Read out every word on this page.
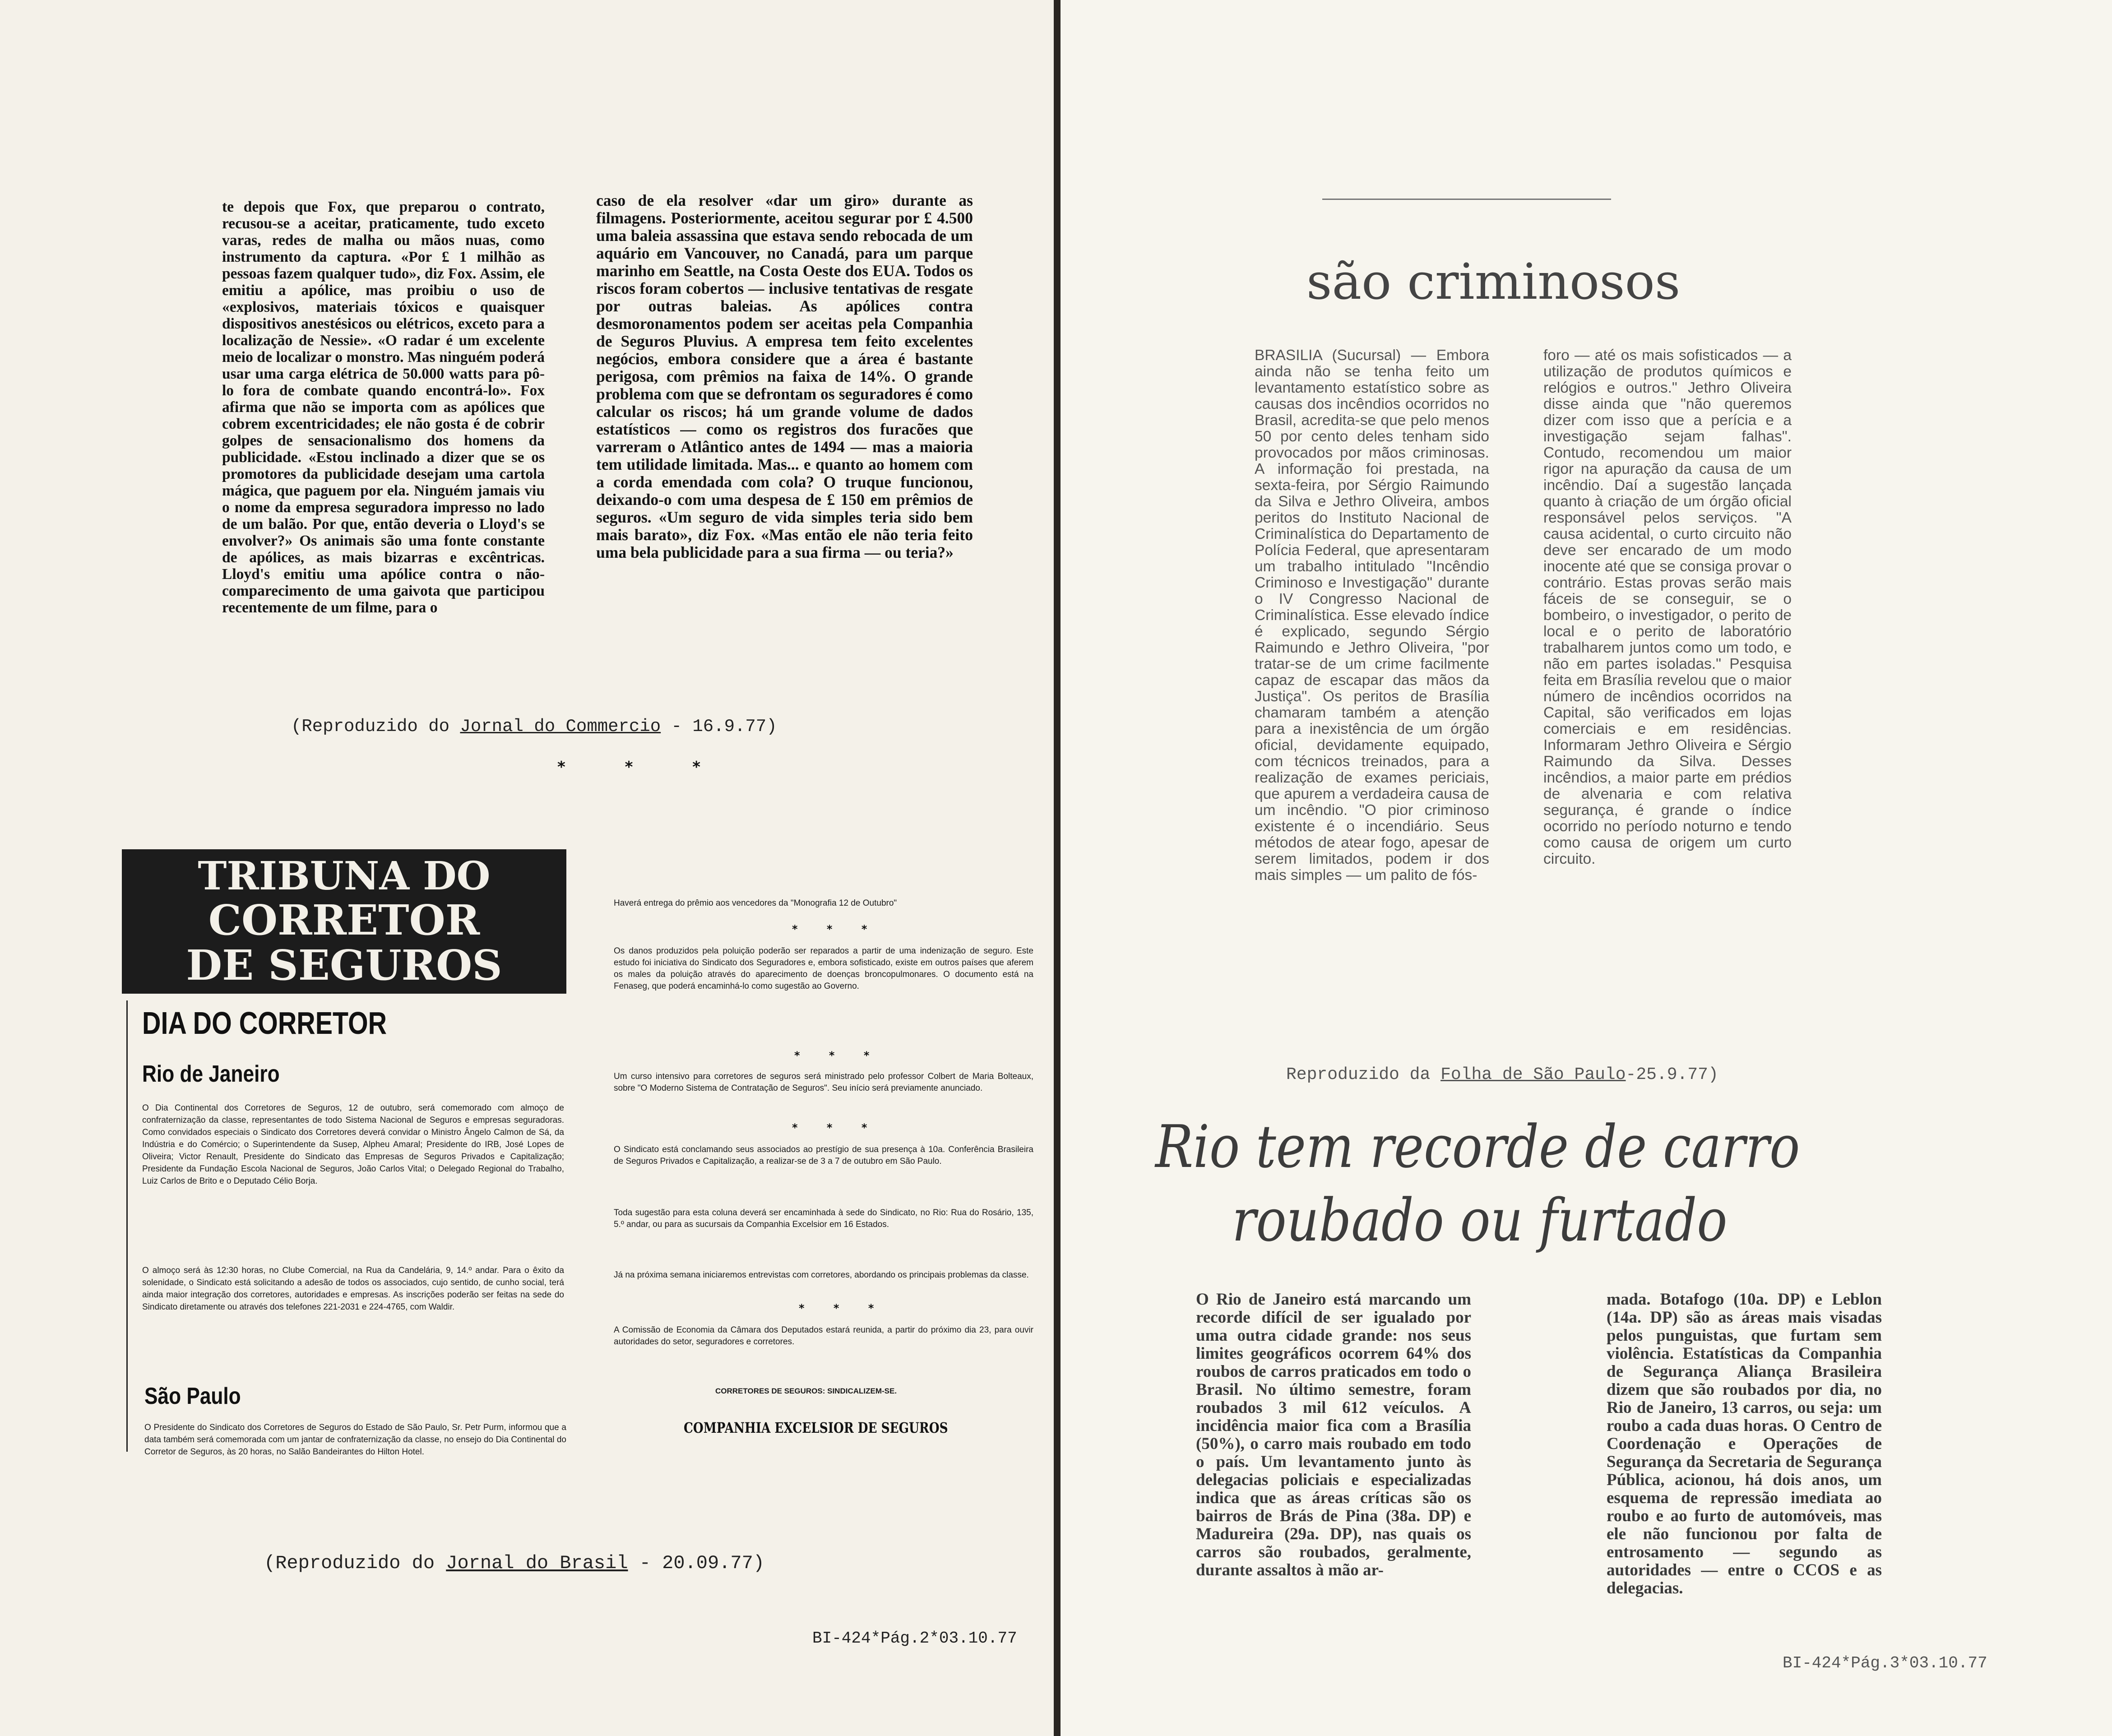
te depois que Fox, que preparou o contrato, recusou-se a aceitar, praticamente, tudo exceto varas, redes de malha ou mãos nuas, como instrumento da captura. «Por £ 1 milhão as pessoas fazem qualquer tudo», diz Fox. Assim, ele emitiu a apólice, mas proibiu o uso de «explosivos, materiais tóxicos e quaisquer dispositivos anestésicos ou elétricos, exceto para a localização de Nessie». «O radar é um excelente meio de localizar o monstro. Mas ninguém poderá usar uma carga elétrica de 50.000 watts para pô-lo fora de combate quando encontrá-lo». Fox afirma que não se importa com as apólices que cobrem excentricidades; ele não gosta é de cobrir golpes de sensacionalismo dos homens da publicidade. «Estou inclinado a dizer que se os promotores da publicidade desejam uma cartola mágica, que paguem por ela. Ninguém jamais viu o nome da empresa seguradora impresso no lado de um balão. Por que, então deveria o Lloyd's se envolver?» Os animais são uma fonte constante de apólices, as mais bizarras e excêntricas. Lloyd's emitiu uma apólice contra o não-comparecimento de uma gaivota que participou recentemente de um filme, para o
caso de ela resolver «dar um giro» durante as filmagens. Posteriormente, aceitou segurar por £ 4.500 uma baleia assassina que estava sendo rebocada de um aquário em Vancouver, no Canadá, para um parque marinho em Seattle, na Costa Oeste dos EUA. Todos os riscos foram cobertos — inclusive tentativas de resgate por outras baleias. As apólices contra desmoronamentos podem ser aceitas pela Companhia de Seguros Pluvius. A empresa tem feito excelentes negócios, embora considere que a área é bastante perigosa, com prêmios na faixa de 14%. O grande problema com que se defrontam os seguradores é como calcular os riscos; há um grande volume de dados estatísticos — como os registros dos furacões que varreram o Atlântico antes de 1494 — mas a maioria tem utilidade limitada. Mas... e quanto ao homem com a corda emendada com cola? O truque funcionou, deixando-o com uma despesa de £ 150 em prêmios de seguros. «Um seguro de vida simples teria sido bem mais barato», diz Fox. «Mas então ele não teria feito uma bela publicidade para a sua firma — ou teria?»
(Reproduzido do Jornal do Commercio - 16.9.77)
* * *
TRIBUNA DO
CORRETOR
DE SEGUROS
DIA DO CORRETOR
Rio de Janeiro
O Dia Continental dos Corretores de Seguros, 12 de outubro, será comemorado com almoço de confraternização da classe, representantes de todo Sistema Nacional de Seguros e empresas seguradoras. Como convidados especiais o Sindicato dos Corretores deverá convidar o Ministro Ângelo Calmon de Sá, da Indústria e do Comércio; o Superintendente da Susep, Alpheu Amaral; Presidente do IRB, José Lopes de Oliveira; Victor Renault, Presidente do Sindicato das Empresas de Seguros Privados e Capitalização; Presidente da Fundação Escola Nacional de Seguros, João Carlos Vital; o Delegado Regional do Trabalho, Luiz Carlos de Brito e o Deputado Célio Borja.
O almoço será às 12:30 horas, no Clube Comercial, na Rua da Candelária, 9, 14.º andar. Para o êxito da solenidade, o Sindicato está solicitando a adesão de todos os associados, cujo sentido, de cunho social, terá ainda maior integração dos corretores, autoridades e empresas. As inscrições poderão ser feitas na sede do Sindicato diretamente ou através dos telefones 221-2031 e 224-4765, com Waldir.
São Paulo
O Presidente do Sindicato dos Corretores de Seguros do Estado de São Paulo, Sr. Petr Purm, informou que a data também será comemorada com um jantar de confraternização da classe, no ensejo do Dia Continental do Corretor de Seguros, às 20 horas, no Salão Bandeirantes do Hilton Hotel.
Haverá entrega do prêmio aos vencedores da "Monografia 12 de Outubro"
* * *
Os danos produzidos pela poluição poderão ser reparados a partir de uma indenização de seguro. Este estudo foi iniciativa do Sindicato dos Seguradores e, embora sofisticado, existe em outros países que aferem os males da poluição através do aparecimento de doenças broncopulmonares. O documento está na Fenaseg, que poderá encaminhá-lo como sugestão ao Governo.
* * *
Um curso intensivo para corretores de seguros será ministrado pelo professor Colbert de Maria Bolteaux, sobre "O Moderno Sistema de Contratação de Seguros". Seu início será previamente anunciado.
* * *
O Sindicato está conclamando seus associados ao prestígio de sua presença à 10a. Conferência Brasileira de Seguros Privados e Capitalização, a realizar-se de 3 a 7 de outubro em São Paulo.
Toda sugestão para esta coluna deverá ser encaminhada à sede do Sindicato, no Rio: Rua do Rosário, 135, 5.º andar, ou para as sucursais da Companhia Excelsior em 16 Estados.
Já na próxima semana iniciaremos entrevistas com corretores, abordando os principais problemas da classe.
* * *
A Comissão de Economia da Câmara dos Deputados estará reunida, a partir do próximo dia 23, para ouvir autoridades do setor, seguradores e corretores.
CORRETORES DE SEGUROS: SINDICALIZEM-SE.
COMPANHIA EXCELSIOR DE SEGUROS
(Reproduzido do Jornal do Brasil - 20.09.77)
BI-424*Pág.2*03.10.77
são criminosos
BRASILIA (Sucursal) — Embora ainda não se tenha feito um levantamento estatístico sobre as causas dos incêndios ocorridos no Brasil, acredita-se que pelo menos 50 por cento deles tenham sido provocados por mãos criminosas. A informação foi prestada, na sexta-feira, por Sérgio Raimundo da Silva e Jethro Oliveira, ambos peritos do Instituto Nacional de Criminalística do Departamento de Polícia Federal, que apresentaram um trabalho intitulado "Incêndio Criminoso e Investigação" durante o IV Congresso Nacional de Criminalística. Esse elevado índice é explicado, segundo Sérgio Raimundo e Jethro Oliveira, "por tratar-se de um crime facilmente capaz de escapar das mãos da Justiça". Os peritos de Brasília chamaram também a atenção para a inexistência de um órgão oficial, devidamente equipado, com técnicos treinados, para a realização de exames periciais, que apurem a verdadeira causa de um incêndio. "O pior criminoso existente é o incendiário. Seus métodos de atear fogo, apesar de serem limitados, podem ir dos mais simples — um palito de fós-
foro — até os mais sofisticados — a utilização de produtos químicos e relógios e outros." Jethro Oliveira disse ainda que "não queremos dizer com isso que a perícia e a investigação sejam falhas". Contudo, recomendou um maior rigor na apuração da causa de um incêndio. Daí a sugestão lançada quanto à criação de um órgão oficial responsável pelos serviços. "A causa acidental, o curto circuito não deve ser encarado de um modo inocente até que se consiga provar o contrário. Estas provas serão mais fáceis de se conseguir, se o bombeiro, o investigador, o perito de local e o perito de laboratório trabalharem juntos como um todo, e não em partes isoladas." Pesquisa feita em Brasília revelou que o maior número de incêndios ocorridos na Capital, são verificados em lojas comerciais e em residências. Informaram Jethro Oliveira e Sérgio Raimundo da Silva. Desses incêndios, a maior parte em prédios de alvenaria e com relativa segurança, é grande o índice ocorrido no período noturno e tendo como causa de origem um curto circuito.
Reproduzido da Folha de São Paulo-25.9.77)
Rio tem recorde de carro
roubado ou furtado
O Rio de Janeiro está marcando um recorde difícil de ser igualado por uma outra cidade grande: nos seus limites geográficos ocorrem 64% dos roubos de carros praticados em todo o Brasil. No último semestre, foram roubados 3 mil 612 veículos. A incidência maior fica com a Brasília (50%), o carro mais roubado em todo o país. Um levantamento junto às delegacias policiais e especializadas indica que as áreas críticas são os bairros de Brás de Pina (38a. DP) e Madureira (29a. DP), nas quais os carros são roubados, geralmente, durante assaltos à mão ar-
mada. Botafogo (10a. DP) e Leblon (14a. DP) são as áreas mais visadas pelos punguistas, que furtam sem violência. Estatísticas da Companhia de Segurança Aliança Brasileira dizem que são roubados por dia, no Rio de Janeiro, 13 carros, ou seja: um roubo a cada duas horas. O Centro de Coordenação e Operações de Segurança da Secretaria de Segurança Pública, acionou, há dois anos, um esquema de repressão imediata ao roubo e ao furto de automóveis, mas ele não funcionou por falta de entrosamento — segundo as autoridades — entre o CCOS e as delegacias.
BI-424*Pág.3*03.10.77
